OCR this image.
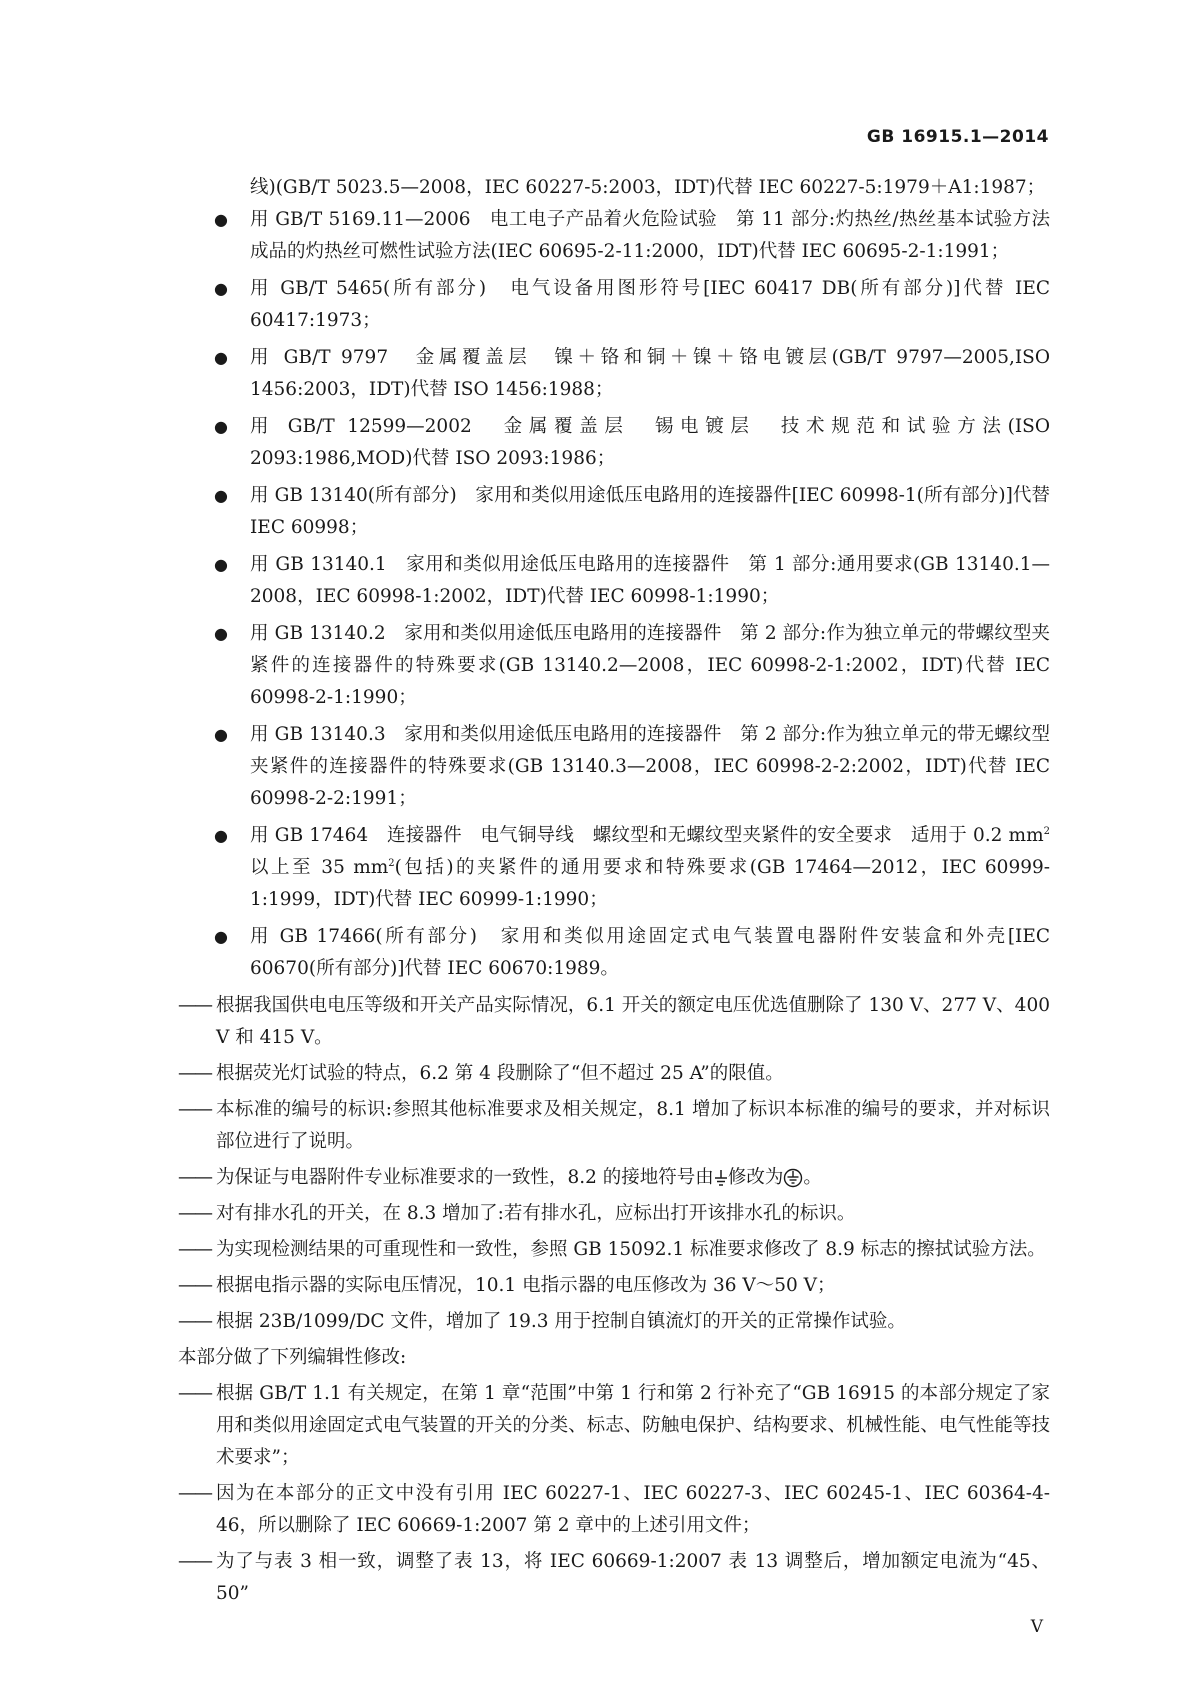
GB 16915.1—2014

线)(GB/T 5023.5—2008，IEC 60227-5:2003，IDT)代替 IEC 60227-5:1979＋A1:1987；

● 用 GB/T 5169.11—2006　电工电子产品着火危险试验　第 11 部分:灼热丝/热丝基本试验方法　成品的灼热丝可燃性试验方法(IEC 60695-2-11:2000，IDT)代替 IEC 60695-2-1:1991；
● 用 GB/T 5465(所有部分)　电气设备用图形符号[IEC 60417 DB(所有部分)]代替 IEC 60417:1973；
● 用 GB/T 9797　金属覆盖层　镍＋铬和铜＋镍＋铬电镀层(GB/T 9797—2005,ISO 1456:2003，IDT)代替 ISO 1456:1988；
● 用 GB/T 12599—2002　金属覆盖层　锡电镀层　技术规范和试验方法(ISO 2093:1986,MOD)代替 ISO 2093:1986；
● 用 GB 13140(所有部分)　家用和类似用途低压电路用的连接器件[IEC 60998-1(所有部分)]代替 IEC 60998；
● 用 GB 13140.1　家用和类似用途低压电路用的连接器件　第 1 部分:通用要求(GB 13140.1—2008，IEC 60998-1:2002，IDT)代替 IEC 60998-1:1990；
● 用 GB 13140.2　家用和类似用途低压电路用的连接器件　第 2 部分:作为独立单元的带螺纹型夹紧件的连接器件的特殊要求(GB 13140.2—2008，IEC 60998-2-1:2002，IDT)代替 IEC 60998-2-1:1990；
● 用 GB 13140.3　家用和类似用途低压电路用的连接器件　第 2 部分:作为独立单元的带无螺纹型夹紧件的连接器件的特殊要求(GB 13140.3—2008，IEC 60998-2-2:2002，IDT)代替 IEC 60998-2-2:1991；
● 用 GB 17464　连接器件　电气铜导线　螺纹型和无螺纹型夹紧件的安全要求　适用于 0.2 $mm^2$ 以上至 35 $mm^2$(包括)的夹紧件的通用要求和特殊要求(GB 17464—2012，IEC 60999-1:1999，IDT)代替 IEC 60999-1:1990；
● 用 GB 17466(所有部分)　家用和类似用途固定式电气装置电器附件安装盒和外壳[IEC 60670(所有部分)]代替 IEC 60670:1989。
—— 根据我国供电电压等级和开关产品实际情况，6.1 开关的额定电压优选值删除了 130 V、277 V、400 V 和 415 V。
—— 根据荧光灯试验的特点，6.2 第 4 段删除了“但不超过 25 A”的限值。
—— 本标准的编号的标识:参照其他标准要求及相关规定，8.1 增加了标识本标准的编号的要求，并对标识部位进行了说明。
—— 为保证与电器附件专业标准要求的一致性，8.2 的接地符号由 修改为 。
—— 对有排水孔的开关，在 8.3 增加了:若有排水孔，应标出打开该排水孔的标识。
—— 为实现检测结果的可重现性和一致性，参照 GB 15092.1 标准要求修改了 8.9 标志的擦拭试验方法。
—— 根据电指示器的实际电压情况，10.1 电指示器的电压修改为 36 V～50 V；
—— 根据 23B/1099/DC 文件，增加了 19.3 用于控制自镇流灯的开关的正常操作试验。

本部分做了下列编辑性修改:

—— 根据 GB/T 1.1 有关规定，在第 1 章“范围”中第 1 行和第 2 行补充了“GB 16915 的本部分规定了家用和类似用途固定式电气装置的开关的分类、标志、防触电保护、结构要求、机械性能、电气性能等技术要求”；
—— 因为在本部分的正文中没有引用 IEC 60227-1、IEC 60227-3、IEC 60245-1、IEC 60364-4-46，所以删除了 IEC 60669-1:2007 第 2 章中的上述引用文件；
—— 为了与表 3 相一致，调整了表 13，将 IEC 60669-1:2007 表 13 调整后，增加额定电流为“45、50”
V
